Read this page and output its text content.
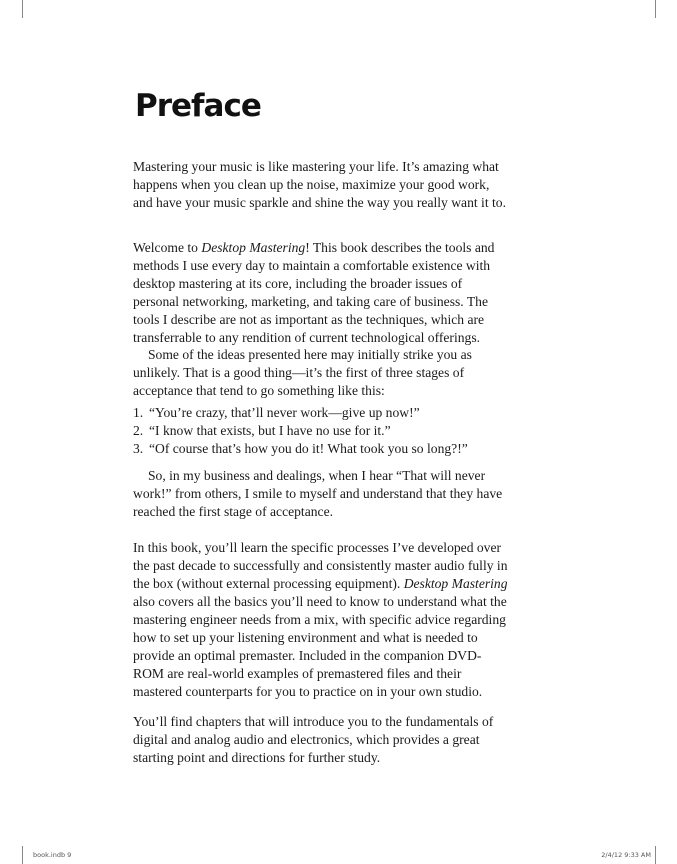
Preface

Mastering your music is like mastering your life. It’s amazing what happens when you clean up the noise, maximize your good work, and have your music sparkle and shine the way you really want it to.

Welcome to Desktop Mastering! This book describes the tools and methods I use every day to maintain a comfortable existence with desktop mastering at its core, including the broader issues of personal networking, marketing, and taking care of business. The tools I describe are not as important as the techniques, which are transferrable to any rendition of current technological offerings.

Some of the ideas presented here may initially strike you as unlikely. That is a good thing—it’s the first of three stages of acceptance that tend to go something like this:

1. “You’re crazy, that’ll never work—give up now!”
2. “I know that exists, but I have no use for it.”
3. “Of course that’s how you do it! What took you so long?!”

So, in my business and dealings, when I hear “That will never work!” from others, I smile to myself and understand that they have reached the first stage of acceptance.

In this book, you’ll learn the specific processes I’ve developed over the past decade to successfully and consistently master audio fully in the box (without external processing equipment). Desktop Mastering also covers all the basics you’ll need to know to understand what the mastering engineer needs from a mix, with specific advice regarding how to set up your listening environment and what is needed to provide an optimal premaster. Included in the companion DVD-ROM are real-world examples of premastered files and their mastered counterparts for you to practice on in your own studio.

You’ll find chapters that will introduce you to the fundamentals of digital and analog audio and electronics, which provides a great starting point and directions for further study.

book.indb 9	2/4/12 9:33 AM
